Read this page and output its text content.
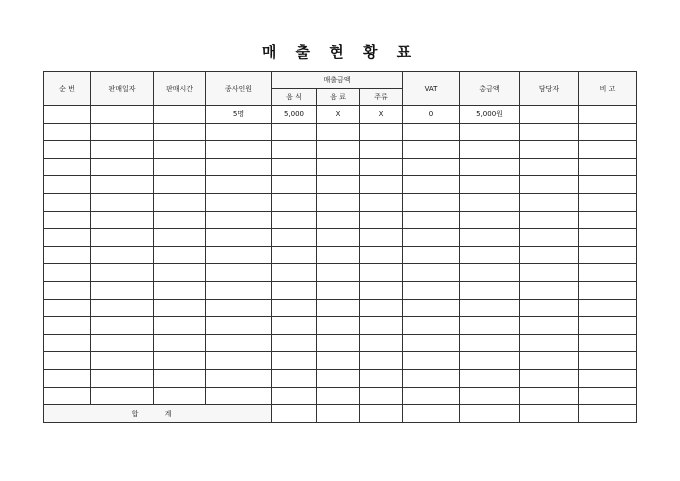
매 출 현 황 표
순 번	판매일자	판매시간	종사인원	매출금액			VAT	총금액	담당자	비 고
				음 식	음 료	주류				
			5명	5,000	X	X	0	5,000원		

합 계										
